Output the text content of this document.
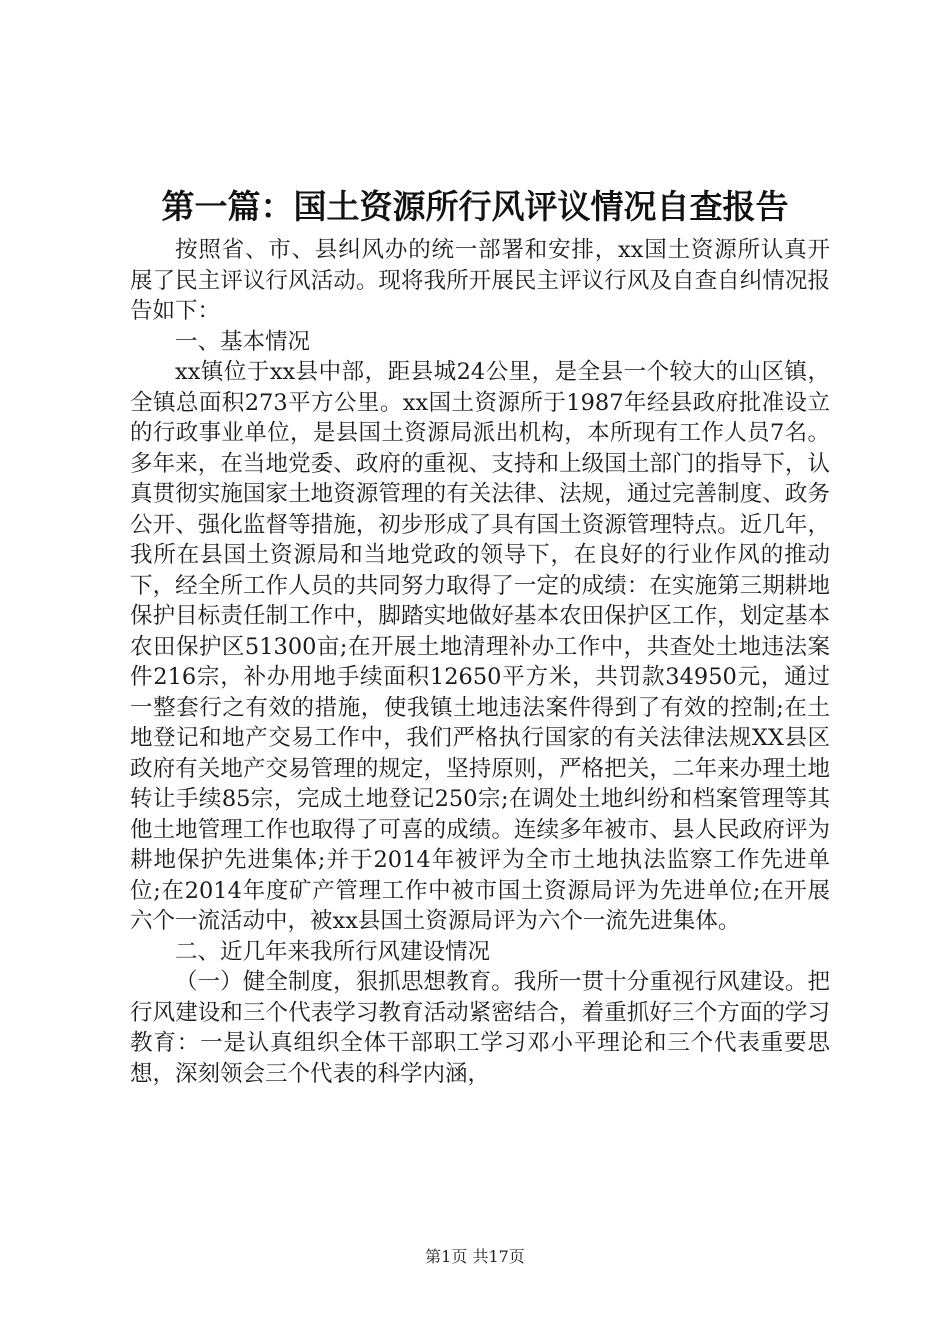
第一篇：国土资源所行风评议情况自查报告

按照省、市、县纠风办的统一部署和安排，xx国土资源所认真开展了民主评议行风活动。现将我所开展民主评议行风及自查自纠情况报告如下：

一、基本情况

xx镇位于xx县中部，距县城24公里，是全县一个较大的山区镇，全镇总面积273平方公里。xx国土资源所于1987年经县政府批准设立的行政事业单位，是县国土资源局派出机构，本所现有工作人员7名。多年来，在当地党委、政府的重视、支持和上级国土部门的指导下，认真贯彻实施国家土地资源管理的有关法律、法规，通过完善制度、政务公开、强化监督等措施，初步形成了具有国土资源管理特点。近几年，我所在县国土资源局和当地党政的领导下，在良好的行业作风的推动下，经全所工作人员的共同努力取得了一定的成绩：在实施第三期耕地保护目标责任制工作中，脚踏实地做好基本农田保护区工作，划定基本农田保护区51300亩;在开展土地清理补办工作中，共查处土地违法案件216宗，补办用地手续面积12650平方米，共罚款34950元，通过一整套行之有效的措施，使我镇土地违法案件得到了有效的控制;在土地登记和地产交易工作中，我们严格执行国家的有关法律法规XX县区政府有关地产交易管理的规定，坚持原则，严格把关，二年来办理土地转让手续85宗，完成土地登记250宗;在调处土地纠纷和档案管理等其他土地管理工作也取得了可喜的成绩。连续多年被市、县人民政府评为耕地保护先进集体;并于2014年被评为全市土地执法监察工作先进单位;在2014年度矿产管理工作中被市国土资源局评为先进单位;在开展六个一流活动中，被xx县国土资源局评为六个一流先进集体。

二、近几年来我所行风建设情况

（一）健全制度，狠抓思想教育。我所一贯十分重视行风建设。把行风建设和三个代表学习教育活动紧密结合，着重抓好三个方面的学习教育：一是认真组织全体干部职工学习邓小平理论和三个代表重要思想，深刻领会三个代表的科学内涵，

第1页 共17页
